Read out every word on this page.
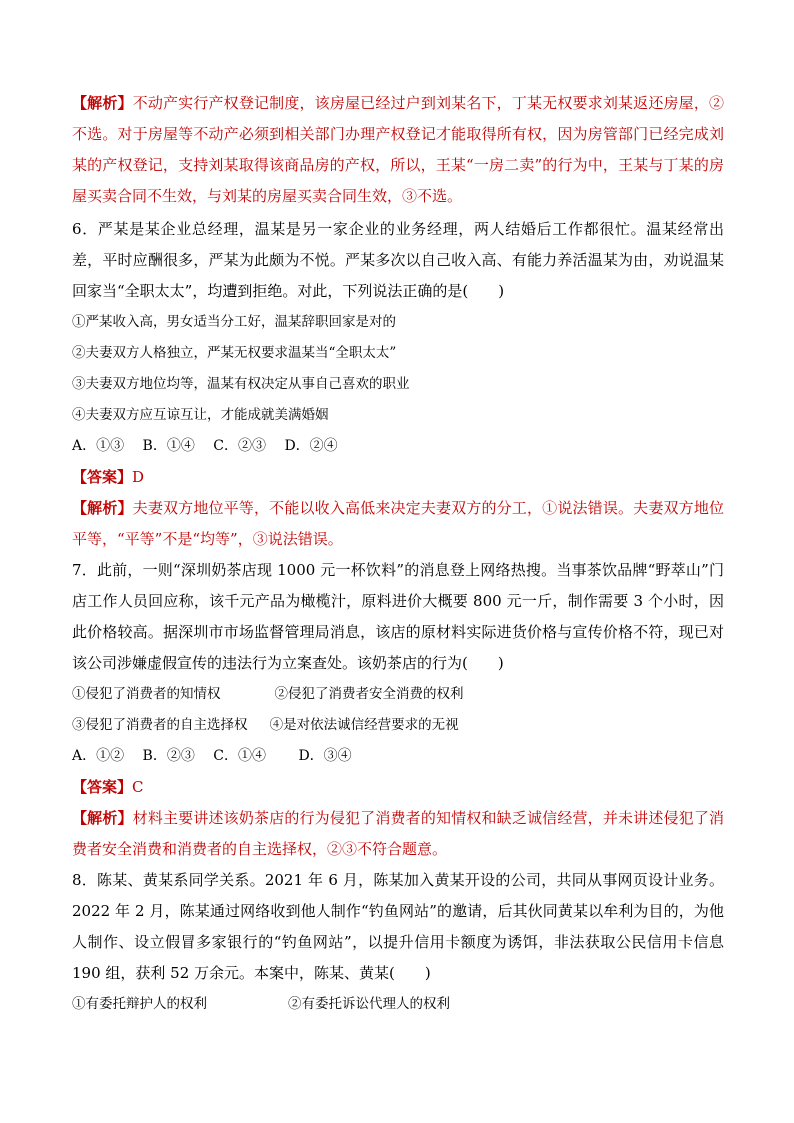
【解析】不动产实行产权登记制度，该房屋已经过户到刘某名下，丁某无权要求刘某返还房屋，②不选。对于房屋等不动产必须到相关部门办理产权登记才能取得所有权，因为房管部门已经完成刘某的产权登记，支持刘某取得该商品房的产权，所以，王某“一房二卖”的行为中，王某与丁某的房屋买卖合同不生效，与刘某的房屋买卖合同生效，③不选。

6．严某是某企业总经理，温某是另一家企业的业务经理，两人结婚后工作都很忙。温某经常出差，平时应酬很多，严某为此颇为不悦。严某多次以自己收入高、有能力养活温某为由，劝说温某回家当“全职太太”，均遭到拒绝。对此，下列说法正确的是(　　)

①严某收入高，男女适当分工好，温某辞职回家是对的

②夫妻双方人格独立，严某无权要求温某当“全职太太”

③夫妻双方地位均等，温某有权决定从事自己喜欢的职业

④夫妻双方应互谅互让，才能成就美满婚姻

A．①③　 B．①④　 C．②③　 D．②④

【答案】D

【解析】夫妻双方地位平等，不能以收入高低来决定夫妻双方的分工，①说法错误。夫妻双方地位平等，“平等”不是“均等”，③说法错误。

7．此前，一则“深圳奶茶店现 1000 元一杯饮料”的消息登上网络热搜。当事茶饮品牌“野萃山”门店工作人员回应称，该千元产品为橄榄汁，原料进价大概要 800 元一斤，制作需要 3 个小时，因此价格较高。据深圳市市场监督管理局消息，该店的原材料实际进货价格与宣传价格不符，现已对该公司涉嫌虚假宣传的违法行为立案查处。该奶茶店的行为(　　)

①侵犯了消费者的知情权　　　　②侵犯了消费者安全消费的权利

③侵犯了消费者的自主选择权　  ④是对依法诚信经营要求的无视

A．①②　 B．②③　 C．①④　　 D．③④

【答案】C

【解析】材料主要讲述该奶茶店的行为侵犯了消费者的知情权和缺乏诚信经营，并未讲述侵犯了消费者安全消费和消费者的自主选择权，②③不符合题意。

8．陈某、黄某系同学关系。2021 年 6 月，陈某加入黄某开设的公司，共同从事网页设计业务。2022 年 2 月，陈某通过网络收到他人制作“钓鱼网站”的邀请，后其伙同黄某以牟利为目的，为他人制作、设立假冒多家银行的“钓鱼网站”，以提升信用卡额度为诱饵，非法获取公民信用卡信息 190 组，获利 52 万余元。本案中，陈某、黄某(　　)

①有委托辩护人的权利　　　　　　②有委托诉讼代理人的权利
